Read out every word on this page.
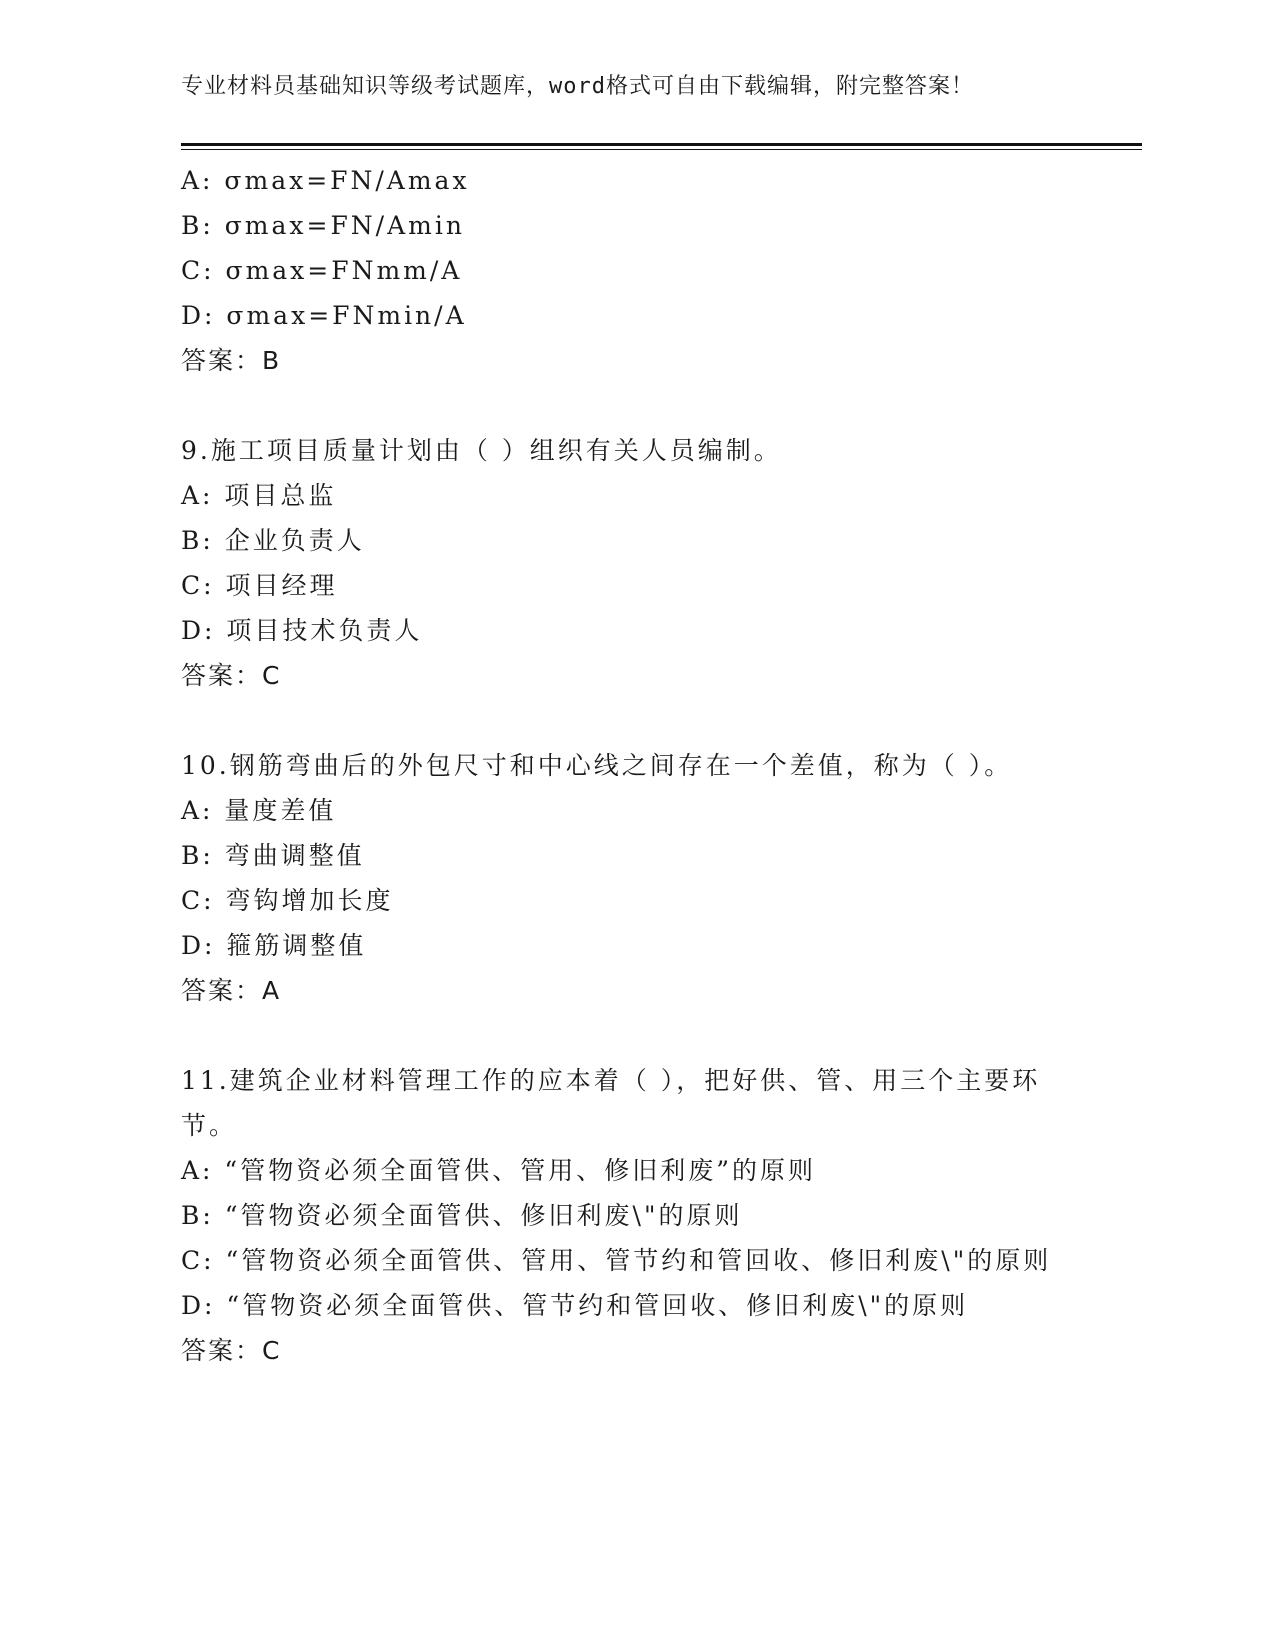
专业材料员基础知识等级考试题库，word格式可自由下载编辑，附完整答案！
A: σmax=FN/Amax
B: σmax=FN/Amin
C: σmax=FNmm/A
D: σmax=FNmin/A
答案：B
9.施工项目质量计划由（ ）组织有关人员编制。
A: 项目总监
B: 企业负责人
C: 项目经理
D: 项目技术负责人
答案：C
10.钢筋弯曲后的外包尺寸和中心线之间存在一个差值，称为（ ）。
A: 量度差值
B: 弯曲调整值
C: 弯钩增加长度
D: 箍筋调整值
答案：A
11.建筑企业材料管理工作的应本着（ ），把好供、管、用三个主要环节。
A: “管物资必须全面管供、管用、修旧利废”的原则
B: “管物资必须全面管供、修旧利废\"的原则
C: “管物资必须全面管供、管用、管节约和管回收、修旧利废\"的原则
D: “管物资必须全面管供、管节约和管回收、修旧利废\"的原则
答案：C
